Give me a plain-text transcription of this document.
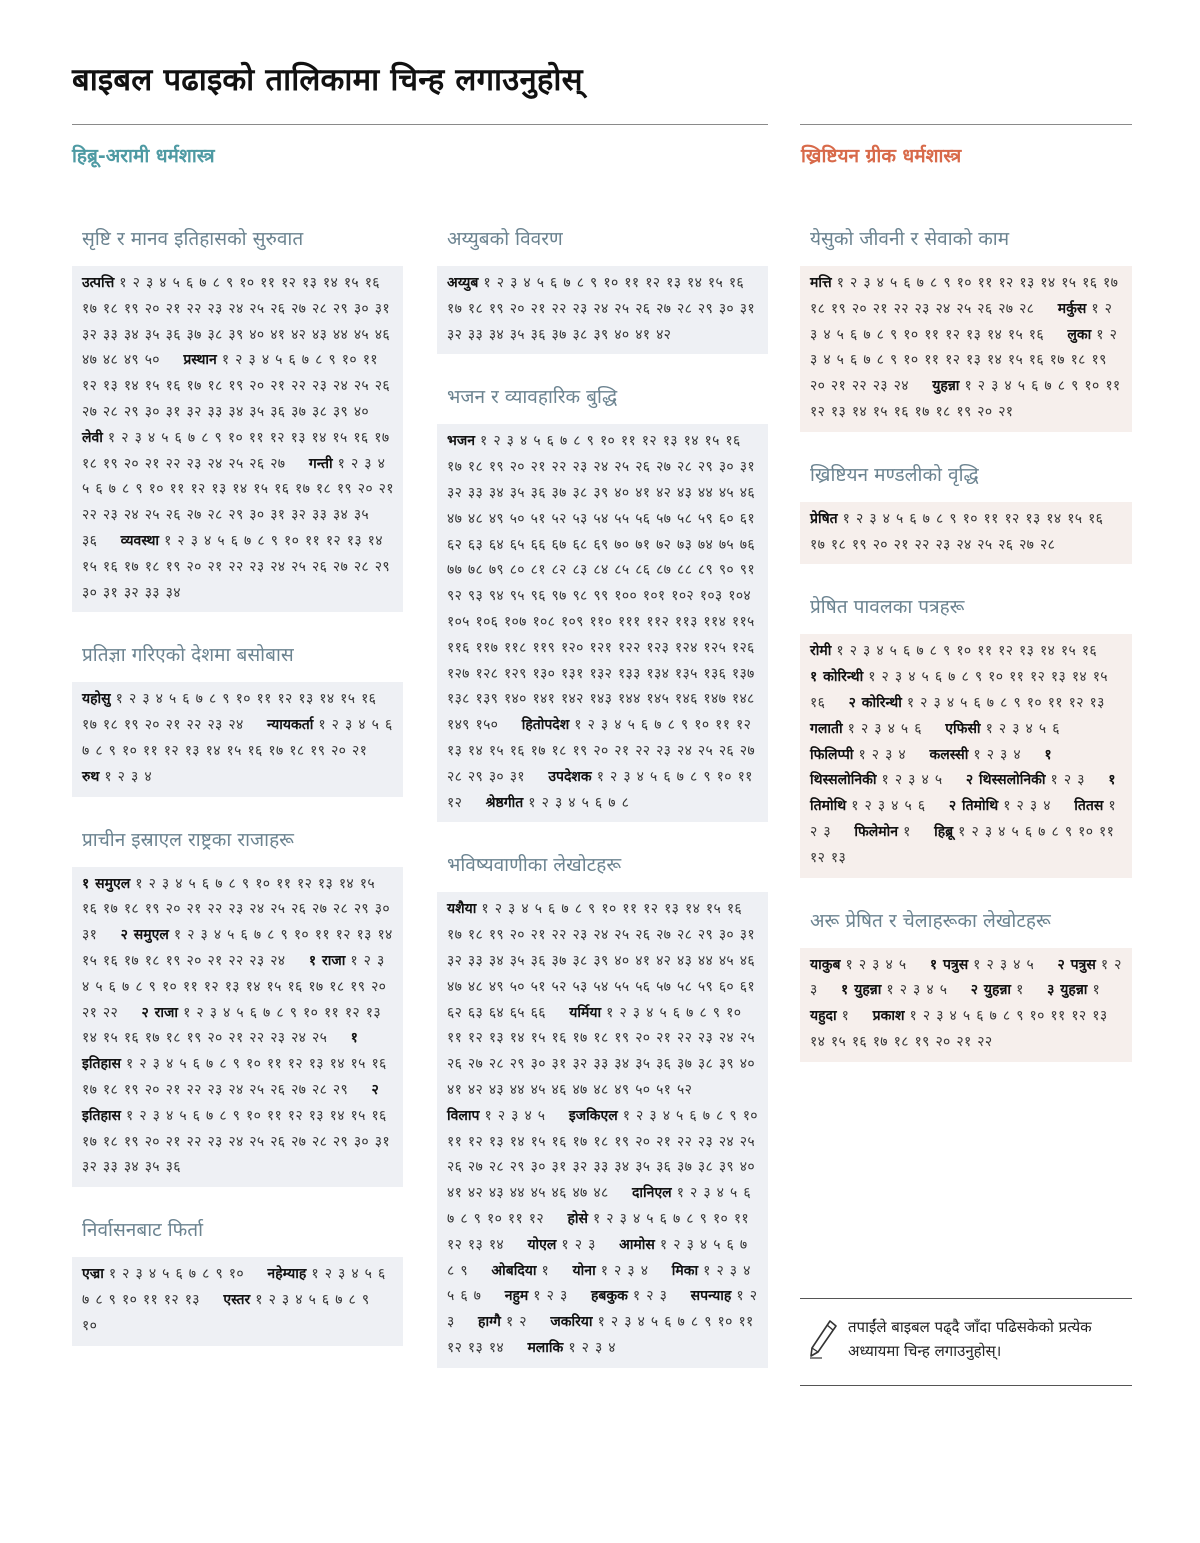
बाइबल पढाइको तालिकामा चिन्ह लगाउनुहोस्
हिब्रू-अरामी धर्मशास्त्र	ख्रिष्टियन ग्रीक धर्मशास्त्र
सृष्टि र मानव इतिहासको सुरुवात
उत्पत्ति १ २ ३ ४ ५ ६ ७ ८ ९ १० ११ १२ १३ १४ १५ १६ १७ १८ १९ २० २१ २२ २३ २४ २५ २६ २७ २८ २९ ३० ३१ ३२ ३३ ३४ ३५ ३६ ३७ ३८ ३९ ४० ४१ ४२ ४३ ४४ ४५ ४६ ४७ ४८ ४९ ५० प्रस्थान १ २ ३ ४ ५ ६ ७ ८ ९ १० ११ १२ १३ १४ १५ १६ १७ १८ १९ २० २१ २२ २३ २४ २५ २६ २७ २८ २९ ३० ३१ ३२ ३३ ३४ ३५ ३६ ३७ ३८ ३९ ४० लेवी १ २ ३ ४ ५ ६ ७ ८ ९ १० ११ १२ १३ १४ १५ १६ १७ १८ १९ २० २१ २२ २३ २४ २५ २६ २७ गन्ती १ २ ३ ४ ५ ६ ७ ८ ९ १० ११ १२ १३ १४ १५ १६ १७ १८ १९ २० २१ २२ २३ २४ २५ २६ २७ २८ २९ ३० ३१ ३२ ३३ ३४ ३५ ३६ व्यवस्था १ २ ३ ४ ५ ६ ७ ८ ९ १० ११ १२ १३ १४ १५ १६ १७ १८ १९ २० २१ २२ २३ २४ २५ २६ २७ २८ २९ ३० ३१ ३२ ३३ ३४
प्रतिज्ञा गरिएको देशमा बसोबास
यहोसु १ २ ३ ४ ५ ६ ७ ८ ९ १० ११ १२ १३ १४ १५ १६ १७ १८ १९ २० २१ २२ २३ २४ न्यायकर्ता १ २ ३ ४ ५ ६ ७ ८ ९ १० ११ १२ १३ १४ १५ १६ १७ १८ १९ २० २१ रुथ १ २ ३ ४
प्राचीन इस्राएल राष्ट्रका राजाहरू
१ समुएल १ २ ३ ४ ५ ६ ७ ८ ९ १० ११ १२ १३ १४ १५ १६ १७ १८ १९ २० २१ २२ २३ २४ २५ २६ २७ २८ २९ ३० ३१ २ समुएल १ २ ३ ४ ५ ६ ७ ८ ९ १० ११ १२ १३ १४ १५ १६ १७ १८ १९ २० २१ २२ २३ २४ १ राजा १ २ ३ ४ ५ ६ ७ ८ ९ १० ११ १२ १३ १४ १५ १६ १७ १८ १९ २० २१ २२ २ राजा १ २ ३ ४ ५ ६ ७ ८ ९ १० ११ १२ १३ १४ १५ १६ १७ १८ १९ २० २१ २२ २३ २४ २५ १ इतिहास १ २ ३ ४ ५ ६ ७ ८ ९ १० ११ १२ १३ १४ १५ १६ १७ १८ १९ २० २१ २२ २३ २४ २५ २६ २७ २८ २९ २ इतिहास १ २ ३ ४ ५ ६ ७ ८ ९ १० ११ १२ १३ १४ १५ १६ १७ १८ १९ २० २१ २२ २३ २४ २५ २६ २७ २८ २९ ३० ३१ ३२ ३३ ३४ ३५ ३६
निर्वासनबाट फिर्ता
एज्रा १ २ ३ ४ ५ ६ ७ ८ ९ १० नहेम्याह १ २ ३ ४ ५ ६ ७ ८ ९ १० ११ १२ १३ एस्तर १ २ ३ ४ ५ ६ ७ ८ ९ १०
अय्युबको विवरण
अय्युब १ २ ३ ४ ५ ६ ७ ८ ९ १० ११ १२ १३ १४ १५ १६ १७ १८ १९ २० २१ २२ २३ २४ २५ २६ २७ २८ २९ ३० ३१ ३२ ३३ ३४ ३५ ३६ ३७ ३८ ३९ ४० ४१ ४२
भजन र व्यावहारिक बुद्धि
भजन १ २ ३ ४ ५ ६ ७ ८ ९ १० ११ १२ १३ १४ १५ १६ १७ १८ १९ २० २१ २२ २३ २४ २५ २६ २७ २८ २९ ३० ३१ ३२ ३३ ३४ ३५ ३६ ३७ ३८ ३९ ४० ४१ ४२ ४३ ४४ ४५ ४६ ४७ ४८ ४९ ५० ५१ ५२ ५३ ५४ ५५ ५६ ५७ ५८ ५९ ६० ६१ ६२ ६३ ६४ ६५ ६६ ६७ ६८ ६९ ७० ७१ ७२ ७३ ७४ ७५ ७६ ७७ ७८ ७९ ८० ८१ ८२ ८३ ८४ ८५ ८६ ८७ ८८ ८९ ९० ९१ ९२ ९३ ९४ ९५ ९६ ९७ ९८ ९९ १०० १०१ १०२ १०३ १०४ १०५ १०६ १०७ १०८ १०९ ११० १११ ११२ ११३ ११४ ११५ ११६ ११७ ११८ ११९ १२० १२१ १२२ १२३ १२४ १२५ १२६ १२७ १२८ १२९ १३० १३१ १३२ १३३ १३४ १३५ १३६ १३७ १३८ १३९ १४० १४१ १४२ १४३ १४४ १४५ १४६ १४७ १४८ १४९ १५० हितोपदेश १ २ ३ ४ ५ ६ ७ ८ ९ १० ११ १२ १३ १४ १५ १६ १७ १८ १९ २० २१ २२ २३ २४ २५ २६ २७ २८ २९ ३० ३१ उपदेशक १ २ ३ ४ ५ ६ ७ ८ ९ १० ११ १२ श्रेष्ठगीत १ २ ३ ४ ५ ६ ७ ८
भविष्यवाणीका लेखोटहरू
यशैया १ २ ३ ४ ५ ६ ७ ८ ९ १० ११ १२ १३ १४ १५ १६ १७ १८ १९ २० २१ २२ २३ २४ २५ २६ २७ २८ २९ ३० ३१ ३२ ३३ ३४ ३५ ३६ ३७ ३८ ३९ ४० ४१ ४२ ४३ ४४ ४५ ४६ ४७ ४८ ४९ ५० ५१ ५२ ५३ ५४ ५५ ५६ ५७ ५८ ५९ ६० ६१ ६२ ६३ ६४ ६५ ६६ यर्मिया १ २ ३ ४ ५ ६ ७ ८ ९ १० ११ १२ १३ १४ १५ १६ १७ १८ १९ २० २१ २२ २३ २४ २५ २६ २७ २८ २९ ३० ३१ ३२ ३३ ३४ ३५ ३६ ३७ ३८ ३९ ४० ४१ ४२ ४३ ४४ ४५ ४६ ४७ ४८ ४९ ५० ५१ ५२ विलाप १ २ ३ ४ ५ इजकिएल १ २ ३ ४ ५ ६ ७ ८ ९ १० ११ १२ १३ १४ १५ १६ १७ १८ १९ २० २१ २२ २३ २४ २५ २६ २७ २८ २९ ३० ३१ ३२ ३३ ३४ ३५ ३६ ३७ ३८ ३९ ४० ४१ ४२ ४३ ४४ ४५ ४६ ४७ ४८ दानिएल १ २ ३ ४ ५ ६ ७ ८ ९ १० ११ १२ होसे १ २ ३ ४ ५ ६ ७ ८ ९ १० ११ १२ १३ १४ योएल १ २ ३ आमोस १ २ ३ ४ ५ ६ ७ ८ ९ ओबदिया १ योना १ २ ३ ४ मिका १ २ ३ ४ ५ ६ ७ नहुम १ २ ३ हबकुक १ २ ३ सपन्याह १ २ ३ हाग्गै १ २ जकरिया १ २ ३ ४ ५ ६ ७ ८ ९ १० ११ १२ १३ १४ मलाकि १ २ ३ ४
येसुको जीवनी र सेवाको काम
मत्ति १ २ ३ ४ ५ ६ ७ ८ ९ १० ११ १२ १३ १४ १५ १६ १७ १८ १९ २० २१ २२ २३ २४ २५ २६ २७ २८ मर्कुस १ २ ३ ४ ५ ६ ७ ८ ९ १० ११ १२ १३ १४ १५ १६ लुका १ २ ३ ४ ५ ६ ७ ८ ९ १० ११ १२ १३ १४ १५ १६ १७ १८ १९ २० २१ २२ २३ २४ युहन्ना १ २ ३ ४ ५ ६ ७ ८ ९ १० ११ १२ १३ १४ १५ १६ १७ १८ १९ २० २१
ख्रिष्टियन मण्डलीको वृद्धि
प्रेषित १ २ ३ ४ ५ ६ ७ ८ ९ १० ११ १२ १३ १४ १५ १६ १७ १८ १९ २० २१ २२ २३ २४ २५ २६ २७ २८
प्रेषित पावलका पत्रहरू
रोमी १ २ ३ ४ ५ ६ ७ ८ ९ १० ११ १२ १३ १४ १५ १६ १ कोरिन्थी १ २ ३ ४ ५ ६ ७ ८ ९ १० ११ १२ १३ १४ १५ १६ २ कोरिन्थी १ २ ३ ४ ५ ६ ७ ८ ९ १० ११ १२ १३ गलाती १ २ ३ ४ ५ ६ एफिसी १ २ ३ ४ ५ ६ फिलिप्पी १ २ ३ ४ कलस्सी १ २ ३ ४ १ थिस्सलोनिकी १ २ ३ ४ ५ २ थिस्सलोनिकी १ २ ३ १ तिमोथि १ २ ३ ४ ५ ६ २ तिमोथि १ २ ३ ४ तितस १ २ ३ फिलेमोन १ हिब्रू १ २ ३ ४ ५ ६ ७ ८ ९ १० ११ १२ १३
अरू प्रेषित र चेलाहरूका लेखोटहरू
याकुब १ २ ३ ४ ५ १ पत्रुस १ २ ३ ४ ५ २ पत्रुस १ २ ३ १ युहन्ना १ २ ३ ४ ५ २ युहन्ना १ ३ युहन्ना १ यहुदा १ प्रकाश १ २ ३ ४ ५ ६ ७ ८ ९ १० ११ १२ १३ १४ १५ १६ १७ १८ १९ २० २१ २२
तपाईंले बाइबल पढ्दै जाँदा पढिसकेको प्रत्येक अध्यायमा चिन्ह लगाउनुहोस्।
